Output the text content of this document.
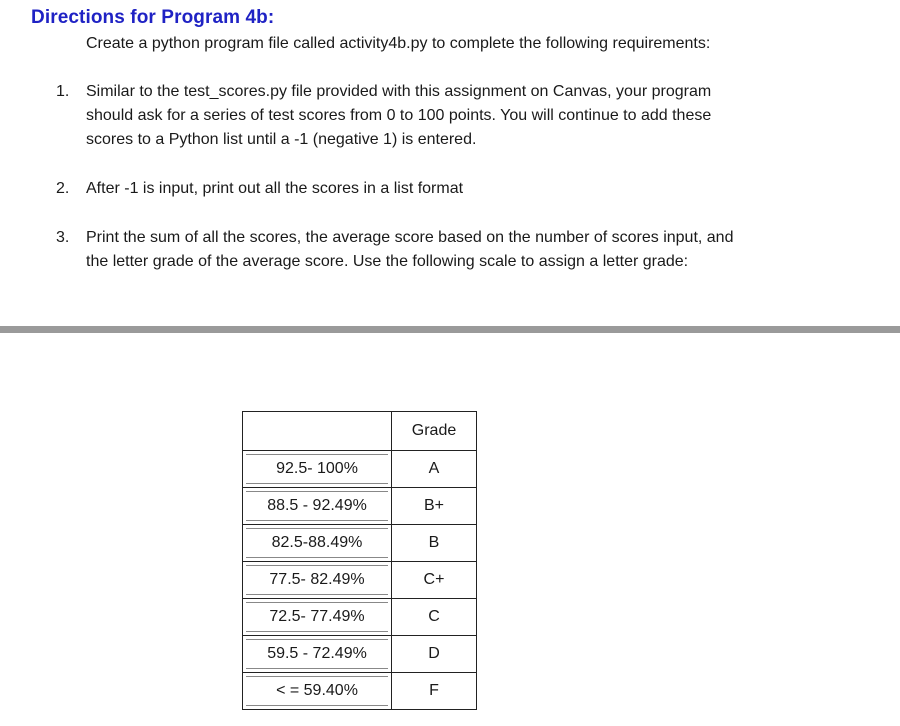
Directions for Program 4b:
Create a python program file called activity4b.py to complete the following requirements:
1. Similar to the test_scores.py file provided with this assignment on Canvas, your program
should ask for a series of test scores from 0 to 100 points. You will continue to add these
scores to a Python list until a -1 (negative 1) is entered.
2. After -1 is input, print out all the scores in a list format
3. Print the sum of all the scores, the average score based on the number of scores input, and
the letter grade of the average score. Use the following scale to assign a letter grade:
	Grade
92.5- 100%	A
88.5 - 92.49%	B+
82.5-88.49%	B
77.5- 82.49%	C+
72.5- 77.49%	C
59.5 - 72.49%	D
< = 59.40%	F
